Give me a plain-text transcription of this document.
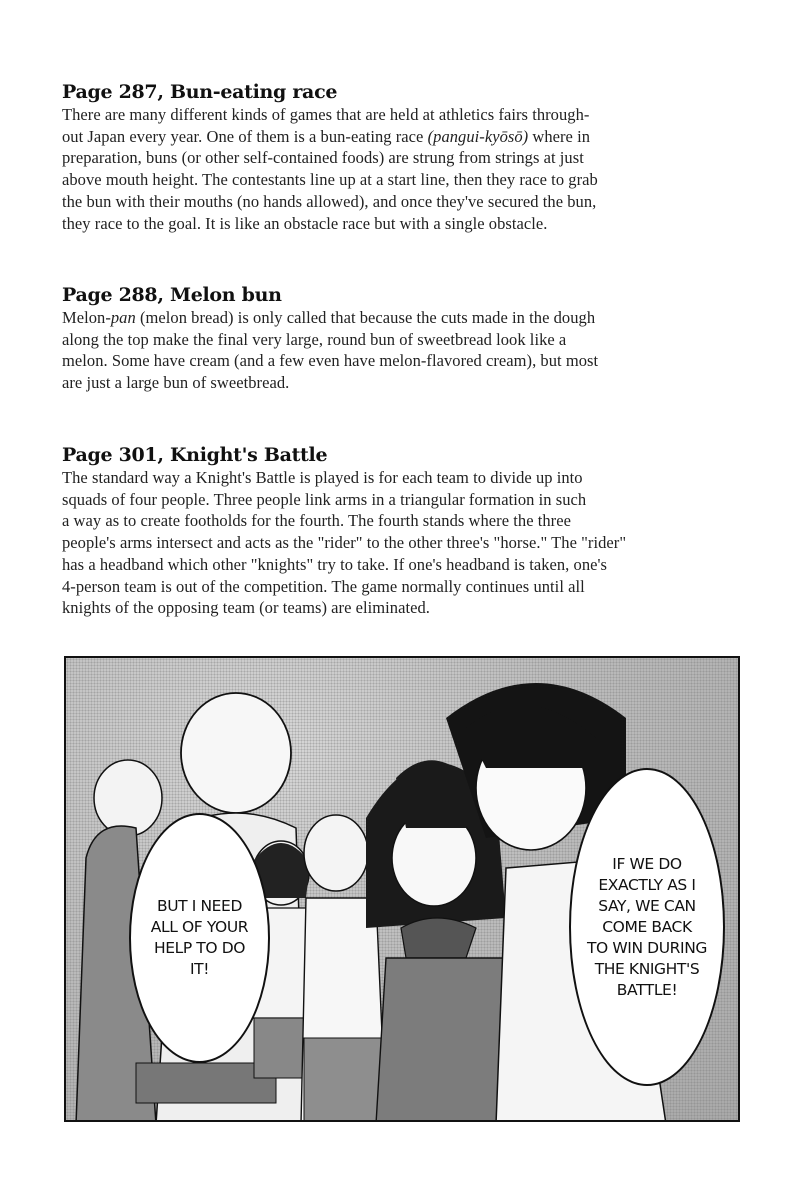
Page 287, Bun-eating race

There are many different kinds of games that are held at athletics fairs through-
out Japan every year. One of them is a bun-eating race (pangui-kyōsō) where in
preparation, buns (or other self-contained foods) are strung from strings at just
above mouth height. The contestants line up at a start line, then they race to grab
the bun with their mouths (no hands allowed), and once they've secured the bun,
they race to the goal. It is like an obstacle race but with a single obstacle.

Page 288, Melon bun

Melon-pan (melon bread) is only called that because the cuts made in the dough
along the top make the final very large, round bun of sweetbread look like a
melon. Some have cream (and a few even have melon-flavored cream), but most
are just a large bun of sweetbread.

Page 301, Knight's Battle

The standard way a Knight's Battle is played is for each team to divide up into
squads of four people. Three people link arms in a triangular formation in such
a way as to create footholds for the fourth. The fourth stands where the three
people's arms intersect and acts as the "rider" to the other three's "horse." The "rider"
has a headband which other "knights" try to take. If one's headband is taken, one's
4-person team is out of the competition. The game normally continues until all
knights of the opposing team (or teams) are eliminated.

BUT I NEED
ALL OF YOUR
HELP TO DO
IT!
IF WE DO
EXACTLY AS I
SAY, WE CAN
COME BACK
TO WIN DURING
THE KNIGHT'S
BATTLE!
